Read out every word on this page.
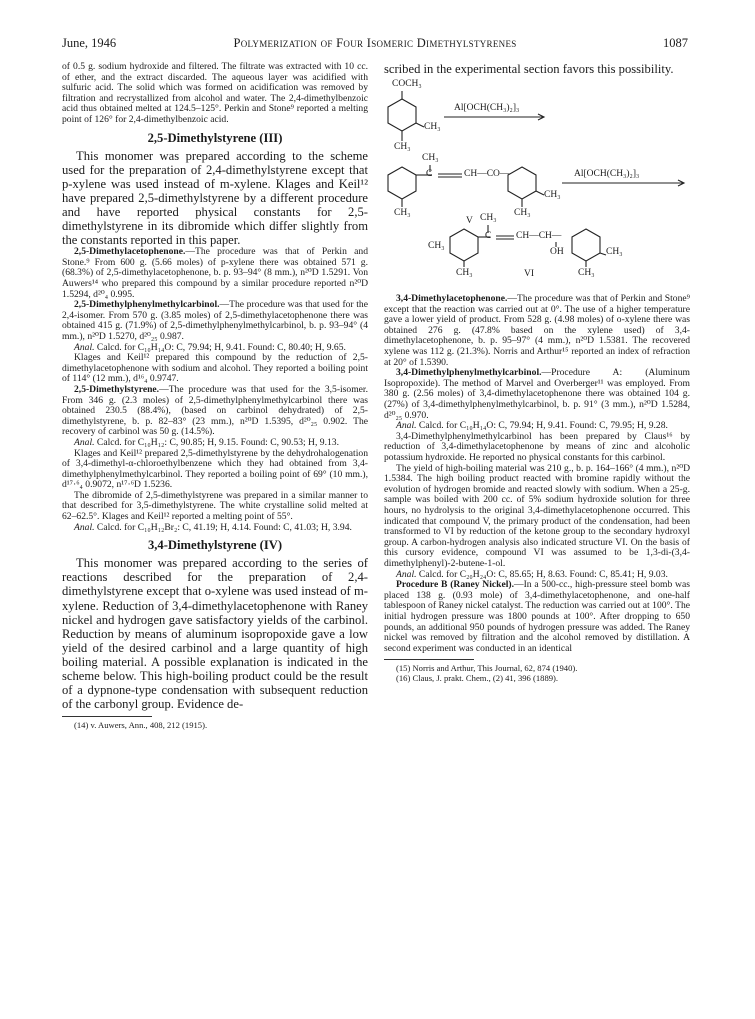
June, 1946	Polymerization of Four Isomeric Dimethylstyrenes	1087

of 0.5 g. sodium hydroxide and filtered. The filtrate was extracted with 10 cc. of ether, and the extract discarded. The aqueous layer was acidified with sulfuric acid. The solid which was formed on acidification was removed by filtration and recrystallized from alcohol and water. The 2,4-dimethylbenzoic acid thus obtained melted at 124.5–125°. Perkin and Stone⁹ reported a melting point of 126° for 2,4-dimethylbenzoic acid.

2,5-Dimethylstyrene (III)

This monomer was prepared according to the scheme used for the preparation of 2,4-dimethylstyrene except that p-xylene was used instead of m-xylene. Klages and Keil¹² have prepared 2,5-dimethylstyrene by a different procedure and have reported physical constants for 2,5-dimethylstyrene in its dibromide which differ slightly from the constants reported in this paper.

2,5-Dimethylacetophenone.—The procedure was that of Perkin and Stone.⁹ From 600 g. (5.66 moles) of p-xylene there was obtained 571 g. (68.3%) of 2,5-dimethylacetophenone, b. p. 93–94° (8 mm.), n²⁰D 1.5291. Von Auwers¹⁴ who prepared this compound by a similar procedure reported n²⁰D 1.5294, d²⁰₄ 0.995.

2,5-Dimethylphenylmethylcarbinol.—The procedure was that used for the 2,4-isomer. From 570 g. (3.85 moles) of 2,5-dimethylacetophenone there was obtained 415 g. (71.9%) of 2,5-dimethylphenylmethylcarbinol, b. p. 93–94° (4 mm.), n²⁰D 1.5270, d²⁰₂₅ 0.987.

Anal. Calcd. for C₁₀H₁₄O: C, 79.94; H, 9.41. Found: C, 80.40; H, 9.65.

Klages and Keil¹² prepared this compound by the reduction of 2,5-dimethylacetophenone with sodium and alcohol. They reported a boiling point of 114° (12 mm.), d¹⁶₄ 0.9747.

2,5-Dimethylstyrene.—The procedure was that used for the 3,5-isomer. From 346 g. (2.3 moles) of 2,5-dimethylphenylmethylcarbinol there was obtained 230.5 (88.4%), (based on carbinol dehydrated) of 2,5-dimethylstyrene, b. p. 82–83° (23 mm.), n²⁰D 1.5395, d²⁰₂₅ 0.902. The recovery of carbinol was 50 g. (14.5%).

Anal. Calcd. for C₁₀H₁₂: C, 90.85; H, 9.15. Found: C, 90.53; H, 9.13.

Klages and Keil¹² prepared 2,5-dimethylstyrene by the dehydrohalogenation of 3,4-dimethyl-α-chloroethylbenzene which they had obtained from 3,4-dimethylphenylmethylcarbinol. They reported a boiling point of 69° (10 mm.), d¹⁷·⁶₄ 0.9072, n¹⁷·⁶D 1.5236.

The dibromide of 2,5-dimethylstyrene was prepared in a similar manner to that described for 3,5-dimethylstyrene. The white crystalline solid melted at 62–62.5°. Klages and Keil¹² reported a melting point of 55°.

Anal. Calcd. for C₁₀H₁₂Br₂: C, 41.19; H, 4.14. Found: C, 41.03; H, 3.94.

3,4-Dimethylstyrene (IV)

This monomer was prepared according to the series of reactions described for the preparation of 2,4-dimethylstyrene except that o-xylene was used instead of m-xylene. Reduction of 3,4-dimethylacetophenone with Raney nickel and hydrogen gave satisfactory yields of the carbinol. Reduction by means of aluminum isopropoxide gave a low yield of the desired carbinol and a large quantity of high boiling material. A possible explanation is indicated in the scheme below. This high-boiling product could be the result of a dypnone-type condensation with subsequent reduction of the carbonyl group. Evidence de-

(14) v. Auwers, Ann., 408, 212 (1915).

scribed in the experimental section favors this possibility.

COCH₃
CH₃
CH₃
Al[OCH(CH₃)₂]₃
CH₃
C	CH—CO—
CH₃
Al[OCH(CH₃)₂]₃
CH₃	CH₃
V CH₃
CH₃
C	CH—CH—
OH	CH₃
CH₃	CH₃
VI

3,4-Dimethylacetophenone.—The procedure was that of Perkin and Stone⁹ except that the reaction was carried out at 0°. The use of a higher temperature gave a lower yield of product. From 528 g. (4.98 moles) of o-xylene there was obtained 276 g. (47.8% based on the xylene used) of 3,4-dimethylacetophenone, b. p. 95–97° (4 mm.), n²⁰D 1.5381. The recovered xylene was 112 g. (21.3%). Norris and Arthur¹⁵ reported an index of refraction at 20° of 1.5390.

3,4-Dimethylphenylmethylcarbinol.—Procedure A: (Aluminum Isopropoxide). The method of Marvel and Overberger¹¹ was employed. From 380 g. (2.56 moles) of 3,4-dimethylacetophenone there was obtained 104 g. (27%) of 3,4-dimethylphenylmethylcarbinol, b. p. 91° (3 mm.), n²⁰D 1.5284, d²⁰₂₅ 0.970.

Anal. Calcd. for C₁₀H₁₄O: C, 79.94; H, 9.41. Found: C, 79.95; H, 9.28.

3,4-Dimethylphenylmethylcarbinol has been prepared by Claus¹⁶ by reduction of 3,4-dimethylacetophenone by means of zinc and alcoholic potassium hydroxide. He reported no physical constants for this carbinol.

The yield of high-boiling material was 210 g., b. p. 164–166° (4 mm.), n²⁰D 1.5384. The high boiling product reacted with bromine rapidly without the evolution of hydrogen bromide and reacted slowly with sodium. When a 25-g. sample was boiled with 200 cc. of 5% sodium hydroxide solution for three hours, no hydrolysis to the original 3,4-dimethylacetophenone occurred. This indicated that compound V, the primary product of the condensation, had been transformed to VI by reduction of the ketone group to the secondary hydroxyl group. A carbon-hydrogen analysis also indicated structure VI. On the basis of this cursory evidence, compound VI was assumed to be 1,3-di-(3,4-dimethylphenyl)-2-butene-1-ol.

Anal. Calcd. for C₂₀H₂₄O: C, 85.65; H, 8.63. Found: C, 85.41; H, 9.03.

Procedure B (Raney Nickel).—In a 500-cc., high-pressure steel bomb was placed 138 g. (0.93 mole) of 3,4-dimethylacetophenone, and one-half tablespoon of Raney nickel catalyst. The reduction was carried out at 100°. The initial hydrogen pressure was 1800 pounds at 100°. After dropping to 650 pounds, an additional 950 pounds of hydrogen pressure was added. The Raney nickel was removed by filtration and the alcohol removed by distillation. A second experiment was conducted in an identical

(15) Norris and Arthur, This Journal, 62, 874 (1940).

(16) Claus, J. prakt. Chem., (2) 41, 396 (1889).
